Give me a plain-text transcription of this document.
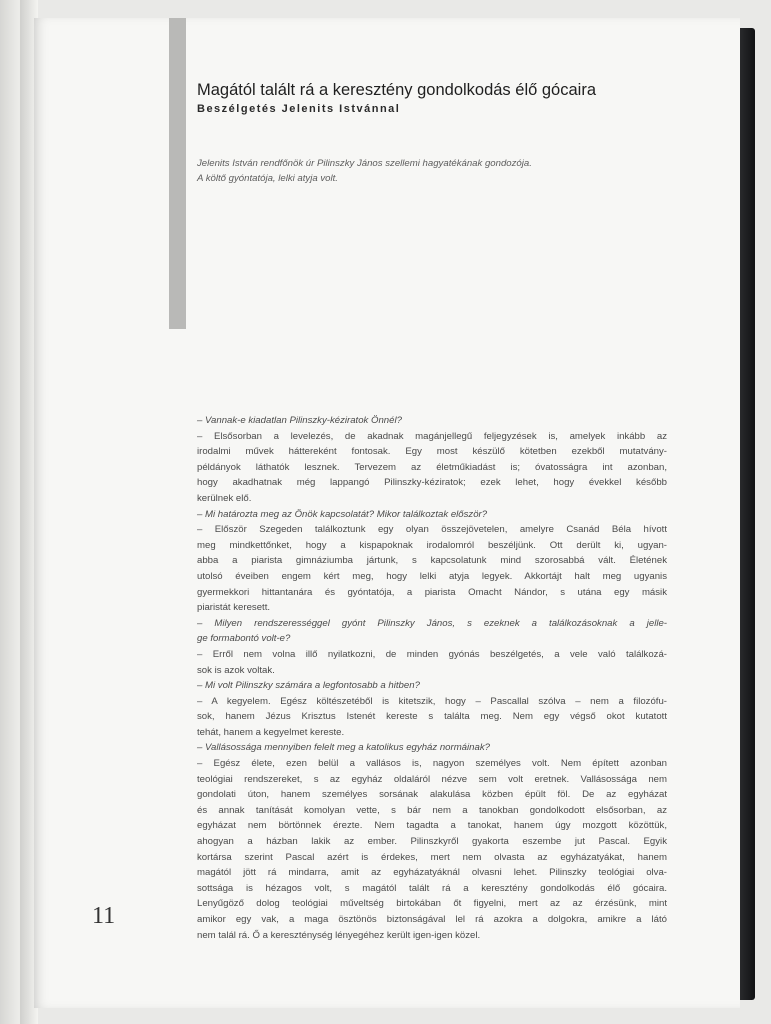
Magától talált rá a keresztény gondolkodás élő gócaira
Beszélgetés Jelenits Istvánnal
Jelenits István rendfőnök úr Pilinszky János szellemi hagyatékának gondozója.
A költő gyóntatója, lelki atyja volt.
– Vannak-e kiadatlan Pilinszky-kéziratok Önnél?
– Elsősorban a levelezés, de akadnak magánjellegű feljegyzések is, amelyek inkább az
irodalmi művek háttereként fontosak. Egy most készülő kötetben ezekből mutatvány-
példányok láthatók lesznek. Tervezem az életműkiadást is; óvatosságra int azonban,
hogy akadhatnak még lappangó Pilinszky-kéziratok; ezek lehet, hogy évekkel később
kerülnek elő.
– Mi határozta meg az Önök kapcsolatát? Mikor találkoztak először?
– Először Szegeden találkoztunk egy olyan összejövetelen, amelyre Csanád Béla hívott
meg mindkettőnket, hogy a kispapoknak irodalomról beszéljünk. Ott derült ki, ugyan-
abba a piarista gimnáziumba jártunk, s kapcsolatunk mind szorosabbá vált. Életének
utolsó éveiben engem kért meg, hogy lelki atyja legyek. Akkortájt halt meg ugyanis
gyermekkori hittantanára és gyóntatója, a piarista Omacht Nándor, s utána egy másik
piaristát keresett.
– Milyen rendszerességgel gyónt Pilinszky János, s ezeknek a találkozásoknak a jelle-
ge formabontó volt-e?
– Erről nem volna illő nyilatkozni, de minden gyónás beszélgetés, a vele való találkozá-
sok is azok voltak.
– Mi volt Pilinszky számára a legfontosabb a hitben?
– A kegyelem. Egész költészetéből is kitetszik, hogy – Pascallal szólva – nem a filozófu-
sok, hanem Jézus Krisztus Istenét kereste s találta meg. Nem egy végső okot kutatott
tehát, hanem a kegyelmet kereste.
– Vallásossága mennyiben felelt meg a katolikus egyház normáinak?
– Egész élete, ezen belül a vallásos is, nagyon személyes volt. Nem épített azonban
teológiai rendszereket, s az egyház oldaláról nézve sem volt eretnek. Vallásossága nem
gondolati úton, hanem személyes sorsának alakulása közben épült föl. De az egyházat
és annak tanítását komolyan vette, s bár nem a tanokban gondolkodott elsősorban, az
egyházat nem börtönnek érezte. Nem tagadta a tanokat, hanem úgy mozgott közöttük,
ahogyan a házban lakik az ember. Pilinszkyről gyakorta eszembe jut Pascal. Egyik
kortársa szerint Pascal azért is érdekes, mert nem olvasta az egyházatyákat, hanem
magától jött rá mindarra, amit az egyházatyáknál olvasni lehet. Pilinszky teológiai olva-
sottsága is hézagos volt, s magától talált rá a keresztény gondolkodás élő gócaira.
Lenyűgöző dolog teológiai műveltség birtokában őt figyelni, mert az az érzésünk, mint
amikor egy vak, a maga ösztönös biztonságával lel rá azokra a dolgokra, amikre a látó
nem talál rá. Ő a kereszténység lényegéhez került igen-igen közel.
11
